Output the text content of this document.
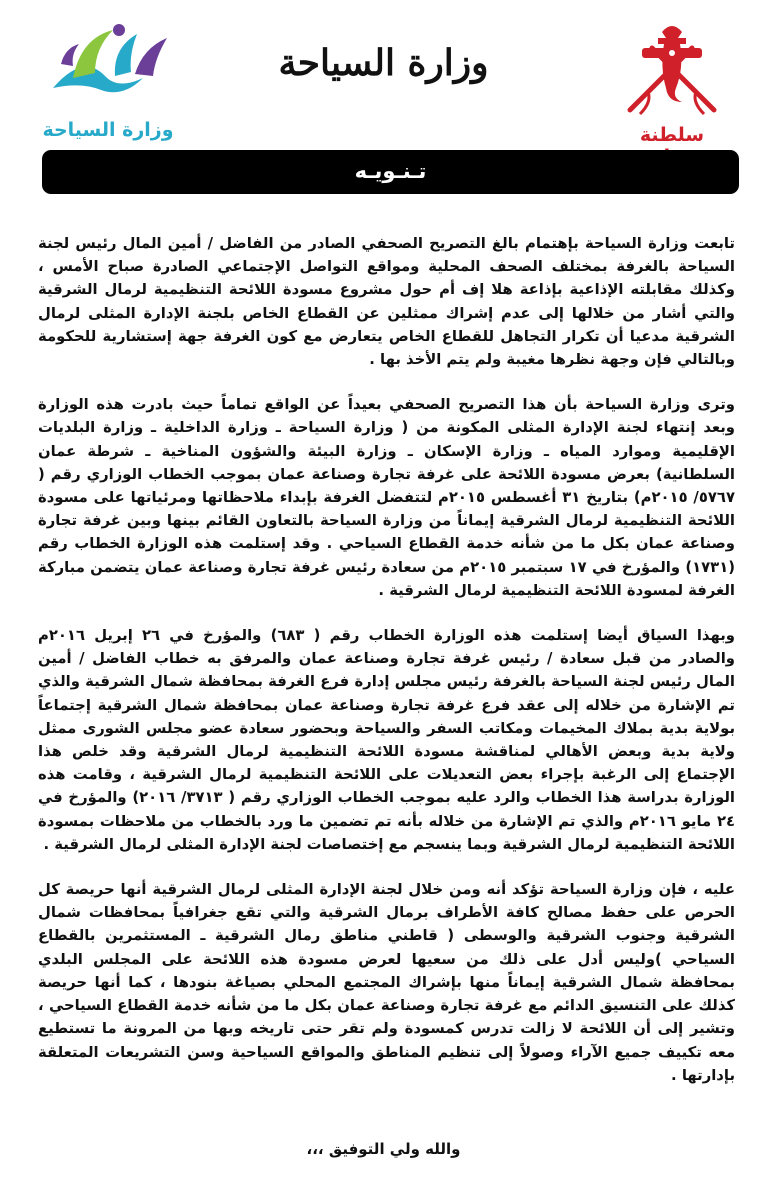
سلطنة
وزارة السياحة
وزارة السياحة
تـنـويـه

تابعت وزارة السياحة بإهتمام بالغ التصريح الصحفي الصادر من الفاضل / أمين المال رئيس لجنة السياحة بالغرفة بمختلف الصحف المحلية ومواقع التواصل الإجتماعي الصادرة صباح الأمس ، وكذلك مقابلته الإذاعية بإذاعة هلا إف أم حول مشروع مسودة اللائحة التنظيمية لرمال الشرقية والتي أشار من خلالها إلى عدم إشراك ممثلين عن القطاع الخاص بلجنة الإدارة المثلى لرمال الشرقية مدعيا أن تكرار التجاهل للقطاع الخاص يتعارض مع كون الغرفة جهة إستشارية للحكومة وبالتالي فإن وجهة نظرها مغيبة ولم يتم الأخذ بها .

وترى وزارة السياحة بأن هذا التصريح الصحفي بعيداً عن الواقع تماماً حيث بادرت هذه الوزارة وبعد إنتهاء لجنة الإدارة المثلى المكونة من ( وزارة السياحة ـ وزارة الداخلية ـ وزارة البلديات الإقليمية وموارد المياه ـ وزارة الإسكان ـ وزارة البيئة والشؤون المناخية ـ شرطة عمان السلطانية) بعرض مسودة اللائحة على غرفة تجارة وصناعة عمان بموجب الخطاب الوزاري رقم ( ٥٧٦٧/ ٢٠١٥م) بتاريخ ٣١ أغسطس ٢٠١٥م لتتفضل الغرفة بإبداء ملاحظاتها ومرئياتها على مسودة اللائحة التنظيمية لرمال الشرقية إيماناً من وزارة السياحة بالتعاون القائم بينها وبين غرفة تجارة وصناعة عمان بكل ما من شأنه خدمة القطاع السياحي . وقد إستلمت هذه الوزارة الخطاب رقم (١٧٣١) والمؤرخ في ١٧ سبتمبر ٢٠١٥م من سعادة رئيس غرفة تجارة وصناعة عمان يتضمن مباركة الغرفة لمسودة اللائحة التنظيمية لرمال الشرقية .

وبهذا السياق أيضا إستلمت هذه الوزارة الخطاب رقم ( ٦٨٣) والمؤرخ في ٢٦ إبريل ٢٠١٦م والصادر من قبل سعادة / رئيس غرفة تجارة وصناعة عمان والمرفق به خطاب الفاضل / أمين المال رئيس لجنة السياحة بالغرفة رئيس مجلس إدارة فرع الغرفة بمحافظة شمال الشرقية والذي تم الإشارة من خلاله إلى عقد فرع غرفة تجارة وصناعة عمان بمحافظة شمال الشرقية إجتماعاً بولاية بدية بملاك المخيمات ومكاتب السفر والسياحة وبحضور سعادة عضو مجلس الشورى ممثل ولاية بدية وبعض الأهالي لمناقشة مسودة اللائحة التنظيمية لرمال الشرقية وقد خلص هذا الإجتماع إلى الرغبة بإجراء بعض التعديلات على اللائحة التنظيمية لرمال الشرقية ، وقامت هذه الوزارة بدراسة هذا الخطاب والرد عليه بموجب الخطاب الوزاري رقم ( ٣٧١٣/ ٢٠١٦) والمؤرخ في ٢٤ مايو ٢٠١٦م والذي تم الإشارة من خلاله بأنه تم تضمين ما ورد بالخطاب من ملاحظات بمسودة اللائحة التنظيمية لرمال الشرقية وبما ينسجم مع إختصاصات لجنة الإدارة المثلى لرمال الشرقية .

عليه ، فإن وزارة السياحة تؤكد أنه ومن خلال لجنة الإدارة المثلى لرمال الشرقية أنها حريصة كل الحرص على حفظ مصالح كافة الأطراف برمال الشرقية والتي تقع جغرافياً بمحافظات شمال الشرقية وجنوب الشرقية والوسطى ( قاطني مناطق رمال الشرقية ـ المستثمرين بالقطاع السياحي )وليس أدل على ذلك من سعيها لعرض مسودة هذه اللائحة على المجلس البلدي بمحافظة شمال الشرقية إيماناً منها بإشراك المجتمع المحلي بصياغة بنودها ، كما أنها حريصة كذلك على التنسيق الدائم مع غرفة تجارة وصناعة عمان بكل ما من شأنه خدمة القطاع السياحي ، وتشير إلى أن اللائحة لا زالت تدرس كمسودة ولم تقر حتى تاريخه وبها من المرونة ما تستطيع معه تكييف جميع الآراء وصولاً إلى تنظيم المناطق والمواقع السياحية وسن التشريعات المتعلقة بإدارتها .

والله ولي التوفيق ،،،
